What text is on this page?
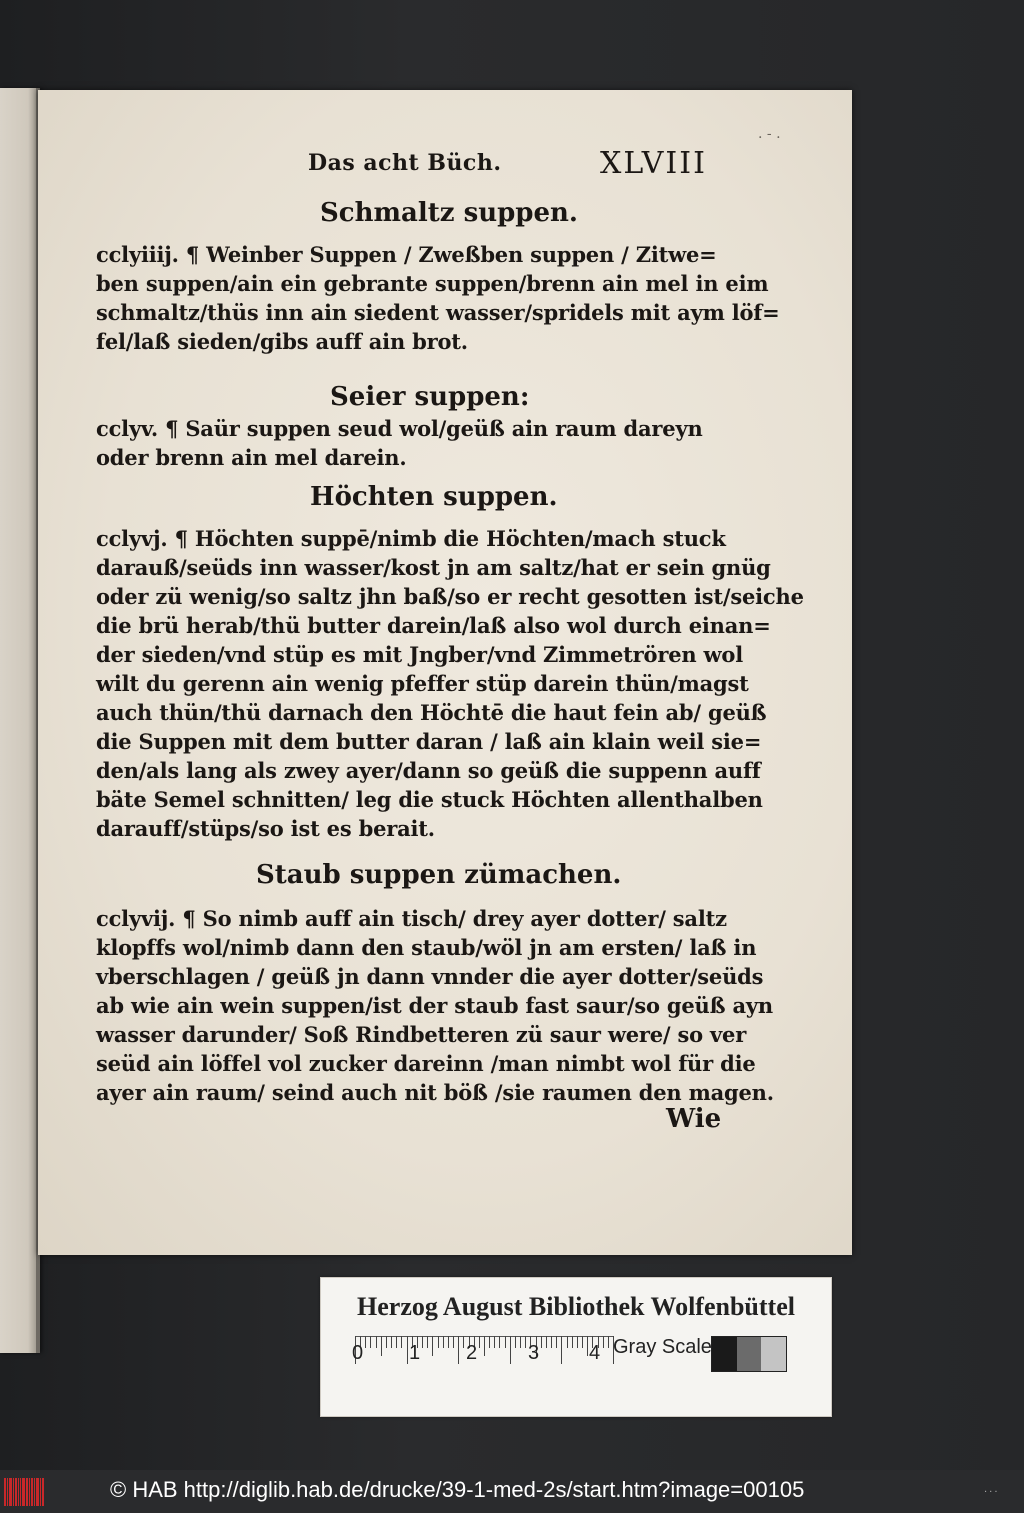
. - .
Das acht Büch.	XLVIII
Schmaltz suppen.
cclyiiij. ¶ Weinber Suppen / Zweßben suppen / Zitwe=
ben suppen/ain ein gebrante suppen/brenn ain mel in eim
schmaltz/thüs inn ain siedent wasser/spridels mit aym löf=
fel/laß sieden/gibs auff ain brot.
Seier suppen:
cclyv. ¶ Saür suppen seud wol/geüß ain raum dareyn
oder brenn ain mel darein.
Höchten suppen.
cclyvj. ¶ Höchten suppē/nimb die Höchten/mach stuck
darauß/seüds inn wasser/kost jn am saltz/hat er sein gnüg
oder zü wenig/so saltz jhn baß/so er recht gesotten ist/seiche
die brü herab/thü butter darein/laß also wol durch einan=
der sieden/vnd stüp es mit Jngber/vnd Zimmetrören wol
wilt du gerenn ain wenig pfeffer stüp darein thün/magst
auch thün/thü darnach den Höchtē die haut fein ab/ geüß
die Suppen mit dem butter daran / laß ain klain weil sie=
den/als lang als zwey ayer/dann so geüß die suppenn auff
bäte Semel schnitten/ leg die stuck Höchten allenthalben
darauff/stüps/so ist es berait.
Staub suppen zümachen.
cclyvij. ¶ So nimb auff ain tisch/ drey ayer dotter/ saltz
klopffs wol/nimb dann den staub/wöl jn am ersten/ laß in
vberschlagen / geüß jn dann vnnder die ayer dotter/seüds
ab wie ain wein suppen/ist der staub fast saur/so geüß ayn
wasser darunder/ Soß Rindbetteren zü saur were/ so ver
seüd ain löffel vol zucker dareinn /man nimbt wol für die
ayer ain raum/ seind auch nit böß /sie raumen den magen.
Wie
Herzog August Bibliothek Wolfenbüttel
0 1 2	3 4 Gray Scale
© HAB http://diglib.hab.de/drucke/39-1-med-2s/start.htm?image=00105	...
